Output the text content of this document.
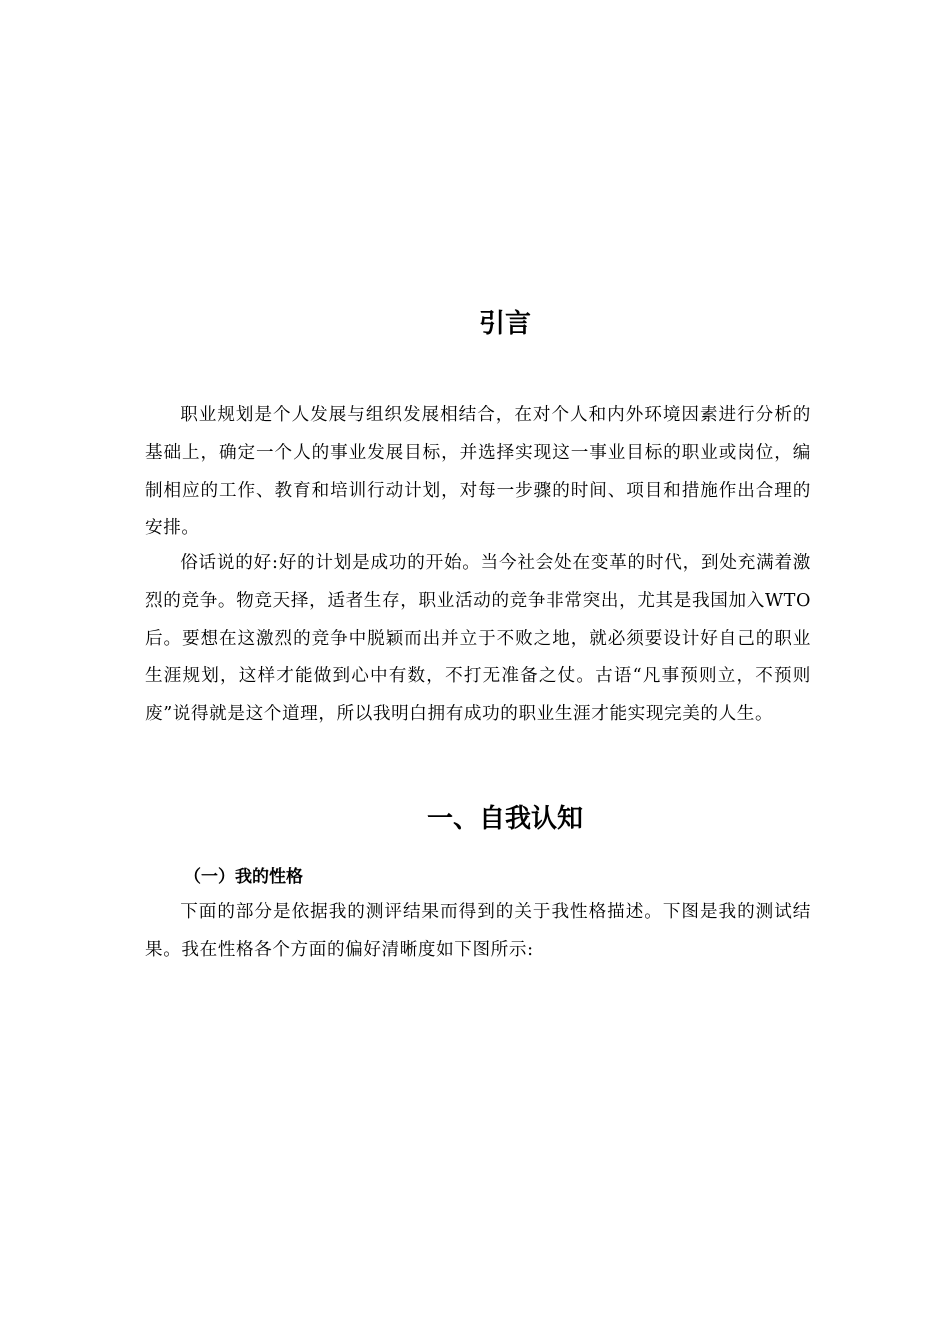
引言

职业规划是个人发展与组织发展相结合，在对个人和内外环境因素进行分析的基础上，确定一个人的事业发展目标，并选择实现这一事业目标的职业或岗位，编制相应的工作、教育和培训行动计划，对每一步骤的时间、项目和措施作出合理的安排。

俗话说的好:好的计划是成功的开始。当今社会处在变革的时代，到处充满着激烈的竞争。物竞天择，适者生存，职业活动的竞争非常突出，尤其是我国加入WTO后。要想在这激烈的竞争中脱颖而出并立于不败之地，就必须要设计好自己的职业生涯规划，这样才能做到心中有数，不打无准备之仗。古语“凡事预则立，不预则废”说得就是这个道理，所以我明白拥有成功的职业生涯才能实现完美的人生。

一、自我认知
（一）我的性格

下面的部分是依据我的测评结果而得到的关于我性格描述。下图是我的测试结果。我在性格各个方面的偏好清晰度如下图所示:
